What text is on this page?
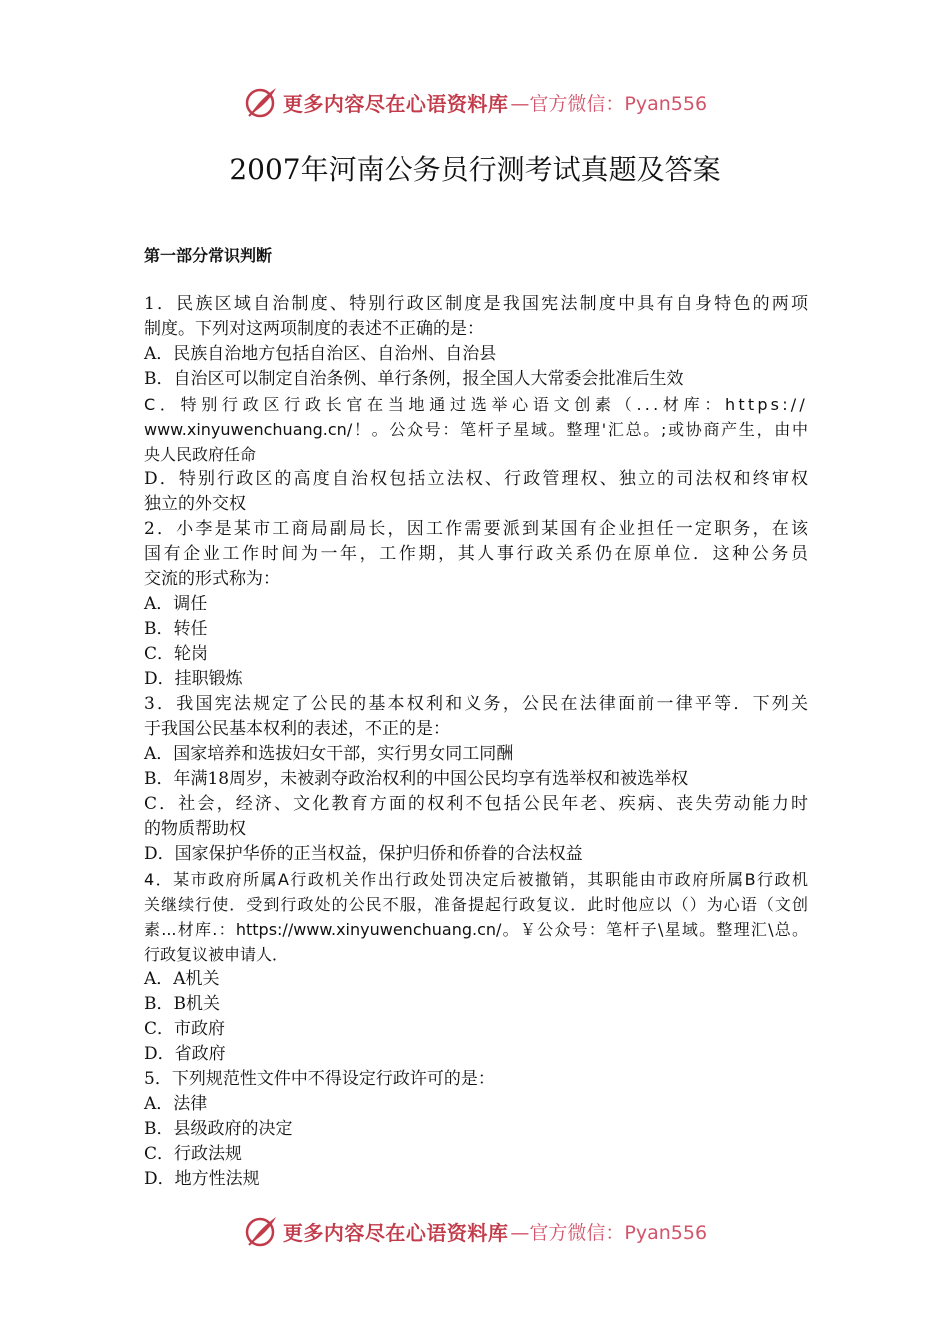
更多内容尽在心语资料库 —官方微信：Pyan556
2007年河南公务员行测考试真题及答案

第一部分常识判断

1．民族区域自治制度、特别行政区制度是我国宪法制度中具有自身特色的两项

制度。下列对这两项制度的表述不正确的是：

A．民族自治地方包括自治区、自治州、自治县

B．自治区可以制定自治条例、单行条例，报全国人大常委会批准后生效

C．特别行政区行政长官在当地通过选举心语文创素（...材库：https://

www.xinyuwenchuang.cn/！。公众号：笔杆子星域。整理'汇总。;或协商产生，由中

央人民政府任命

D．特别行政区的高度自治权包括立法权、行政管理权、独立的司法权和终审权

独立的外交权

2．小李是某市工商局副局长，因工作需要派到某国有企业担任一定职务，在该

国有企业工作时间为一年，工作期，其人事行政关系仍在原单位．这种公务员

交流的形式称为：

A．调任

B．转任

C．轮岗

D．挂职锻炼

3．我国宪法规定了公民的基本权利和义务，公民在法律面前一律平等．下列关

于我国公民基本权利的表述，不正的是：

A．国家培养和选拔妇女干部，实行男女同工同酬

B．年满18周岁，未被剥夺政治权利的中国公民均享有选举权和被选举权

C．社会，经济、文化教育方面的权利不包括公民年老、疾病、丧失劳动能力时

的物质帮助权

D．国家保护华侨的正当权益，保护归侨和侨眷的合法权益

4．某市政府所属A行政机关作出行政处罚决定后被撤销，其职能由市政府所属B行政机

关继续行使．受到行政处的公民不服，准备提起行政复议．此时他应以（）为心语（文创

素...材库.：https://www.xinyuwenchuang.cn/。￥公众号：笔杆子\星域。整理汇\总。

行政复议被申请人．

A．A机关

B．B机关

C．市政府

D．省政府

5．下列规范性文件中不得设定行政许可的是：

A．法律

B．县级政府的决定

C．行政法规

D．地方性法规

更多内容尽在心语资料库 —官方微信：Pyan556
